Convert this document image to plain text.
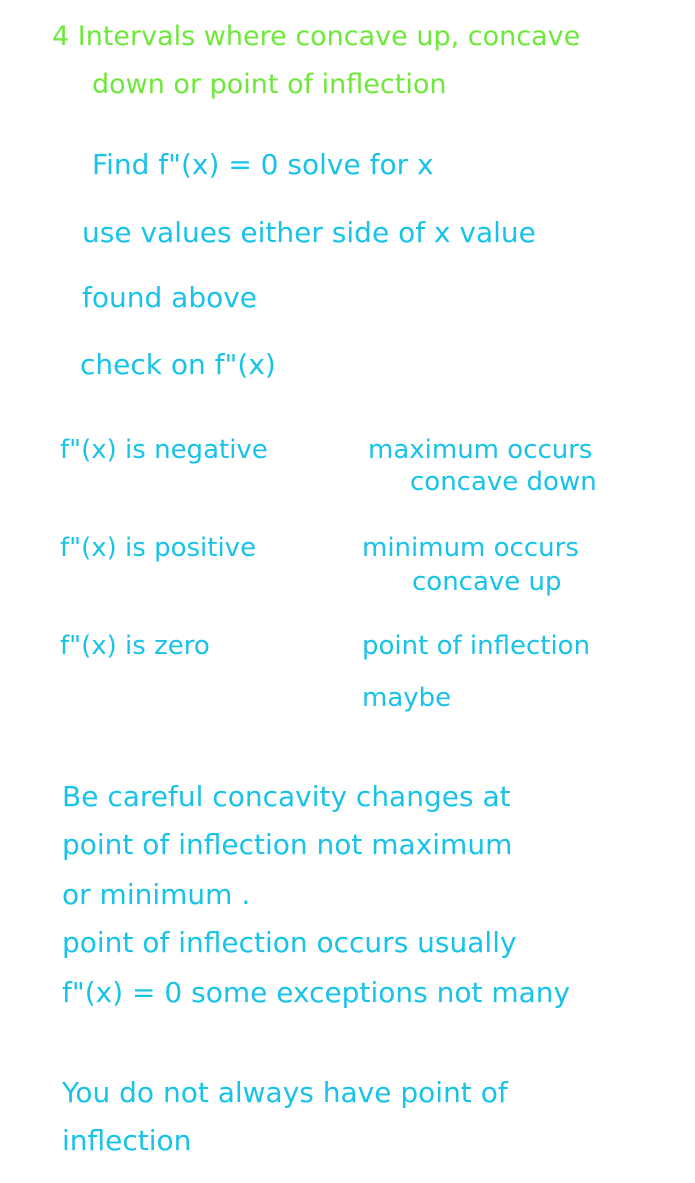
4 Intervals where concave up, concave

down or point of inflection

Find f"(x) = 0 solve for x

use values either side of x value

found above

check on f"(x)

f"(x) is negative	maximum occurs

concave down

f"(x) is positive	minimum occurs

concave up

f"(x) is zero	point of inflection

maybe

Be careful concavity changes at

point of inflection not maximum

or minimum .

point of inflection occurs usually

f"(x) = 0 some exceptions not many

You do not always have point of

inflection
